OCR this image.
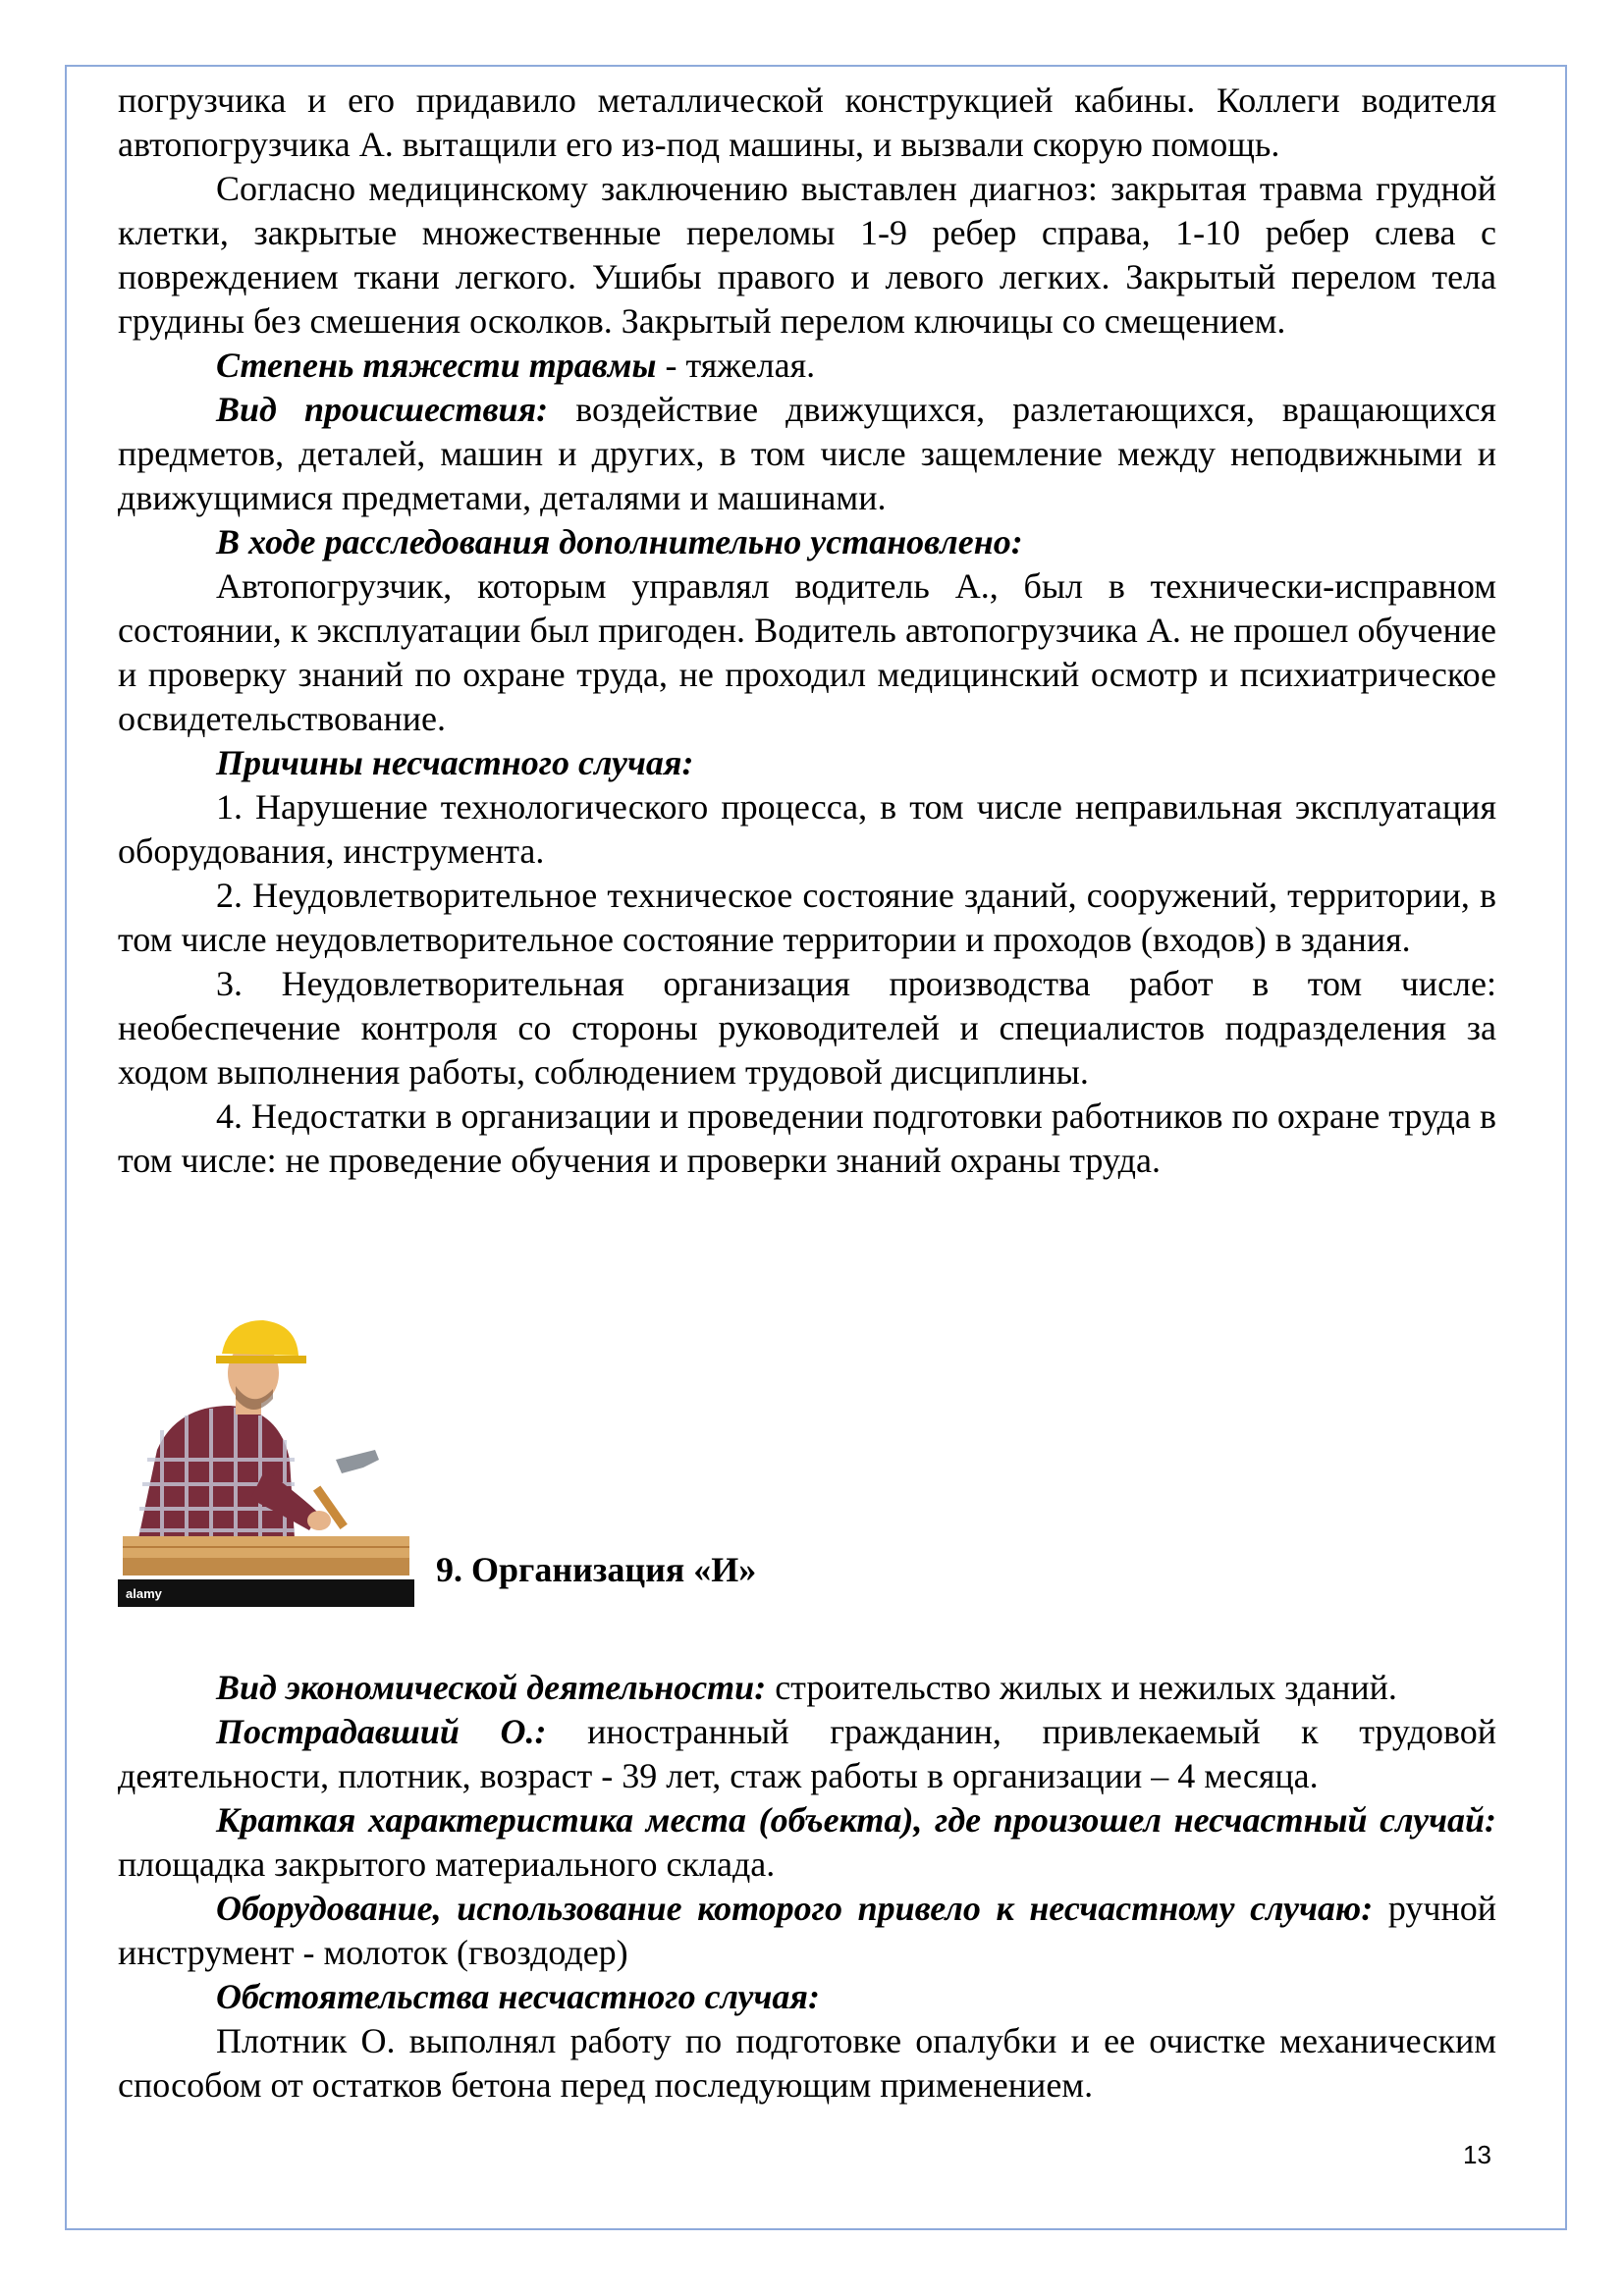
погрузчика и его придавило металлической конструкцией кабины. Коллеги водителя автопогрузчика А. вытащили его из-под машины, и вызвали скорую помощь.

Согласно медицинскому заключению выставлен диагноз: закрытая травма грудной клетки, закрытые множественные переломы 1-9 ребер справа, 1-10 ребер слева с повреждением ткани легкого. Ушибы правого и левого легких. Закрытый перелом тела грудины без смешения осколков. Закрытый перелом ключицы со смещением.

Степень тяжести травмы - тяжелая.

Вид происшествия: воздействие движущихся, разлетающихся, вращающихся предметов, деталей, машин и других, в том числе защемление между неподвижными и движущимися предметами, деталями и машинами.

В ходе расследования дополнительно установлено:

Автопогрузчик, которым управлял водитель А., был в технически-исправном состоянии, к эксплуатации был пригоден. Водитель автопогрузчика А. не прошел обучение и проверку знаний по охране труда, не проходил медицинский осмотр и психиатрическое освидетельствование.

Причины несчастного случая:

1. Нарушение технологического процесса, в том числе неправильная эксплуатация оборудования, инструмента.

2. Неудовлетворительное техническое состояние зданий, сооружений, территории, в том числе неудовлетворительное состояние территории и проходов (входов) в здания.

3. Неудовлетворительная организация производства работ в том числе: необеспечение контроля со стороны руководителей и специалистов подразделения за ходом выполнения работы, соблюдением трудовой дисциплины.

4. Недостатки в организации и проведении подготовки работников по охране труда в том числе: не проведение обучения и проверки знаний охраны труда.

alamy
9. Организация «И»

Вид экономической деятельности: строительство жилых и нежилых зданий.

Пострадавший О.: иностранный гражданин, привлекаемый к трудовой деятельности, плотник, возраст - 39 лет, стаж работы в организации – 4 месяца.

Краткая характеристика места (объекта), где произошел несчастный случай: площадка закрытого материального склада.

Оборудование, использование которого привело к несчастному случаю: ручной инструмент - молоток (гвоздодер)

Обстоятельства несчастного случая:

Плотник О. выполнял работу по подготовке опалубки и ее очистке механическим способом от остатков бетона перед последующим применением.

13
